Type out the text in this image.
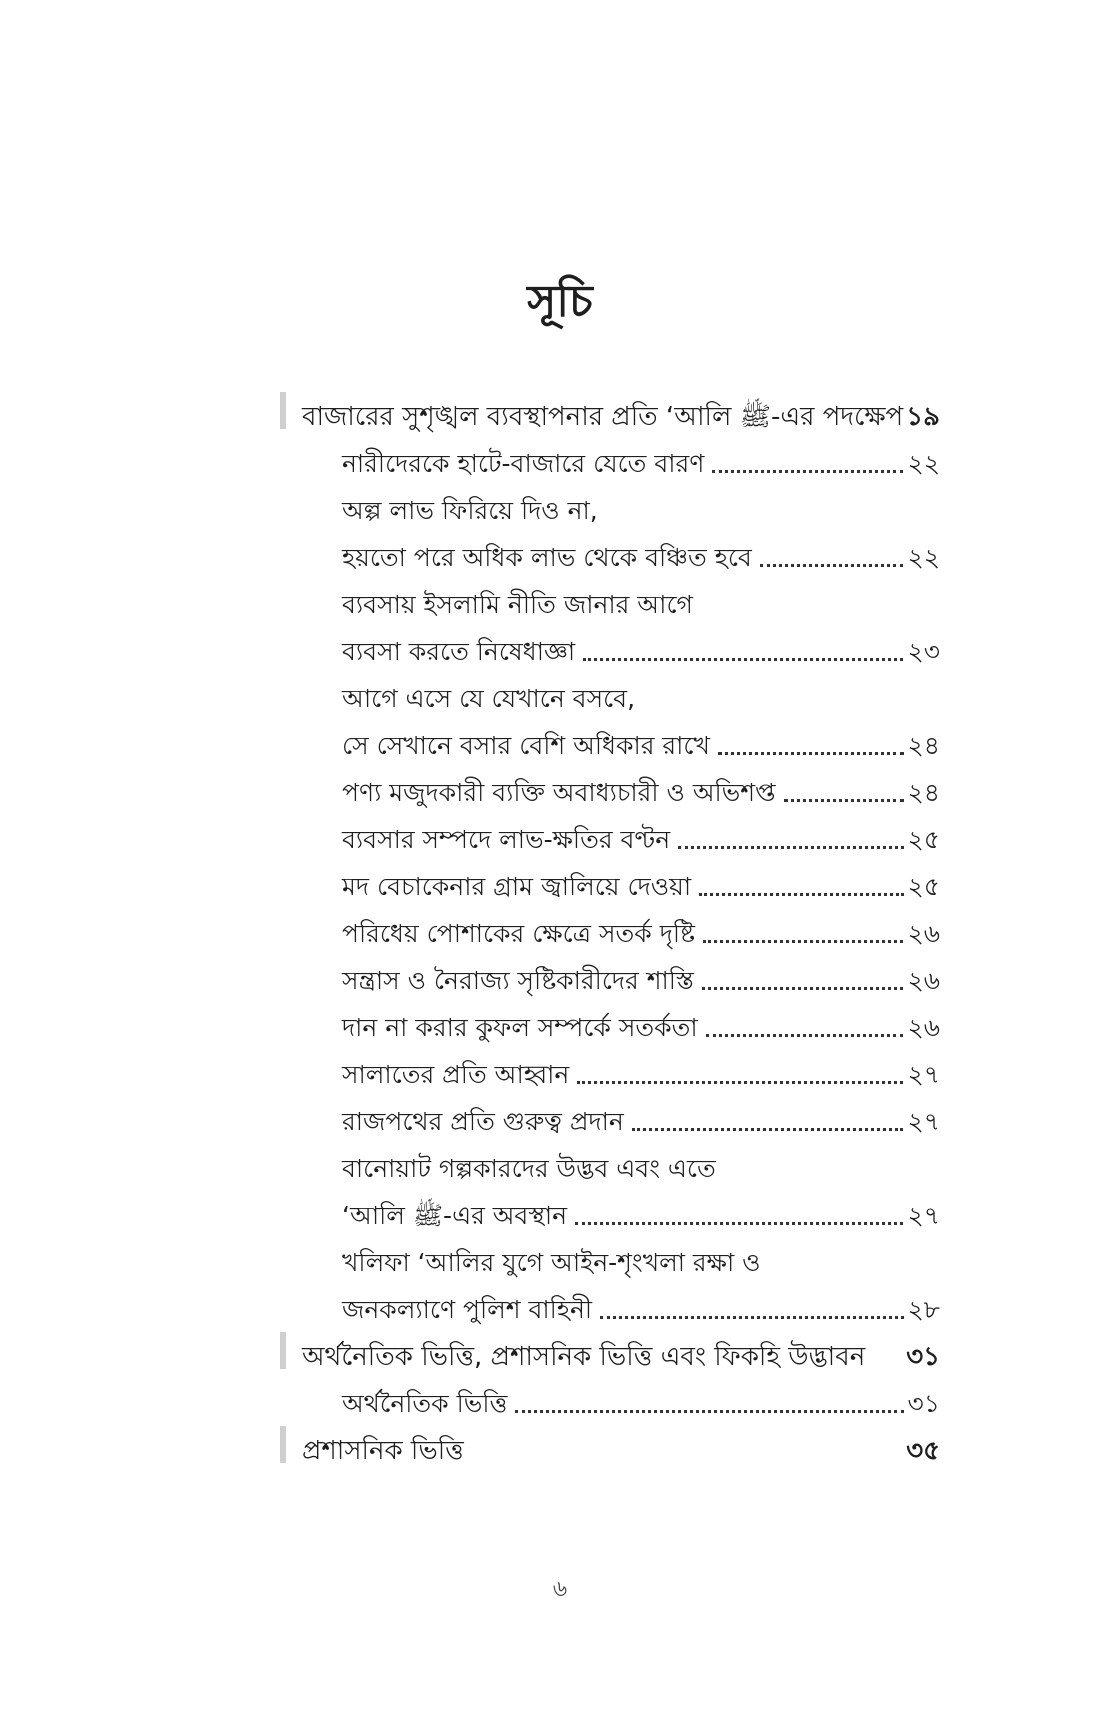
সূচি
বাজারের সুশৃঙ্খল ব্যবস্থাপনার প্রতি ‘আলি ﷺ-এর পদক্ষেপ ১৯
নারীদেরকে হাটে-বাজারে যেতে বারণ	২২
অল্প লাভ ফিরিয়ে দিও না,
হয়তো পরে অধিক লাভ থেকে বঞ্চিত হবে	২২
ব্যবসায় ইসলামি নীতি জানার আগে
ব্যবসা করতে নিষেধাজ্ঞা	২৩
আগে এসে যে যেখানে বসবে,
সে সেখানে বসার বেশি অধিকার রাখে	২৪
পণ্য মজুদকারী ব্যক্তি অবাধ্যচারী ও অভিশপ্ত	২৪
ব্যবসার সম্পদে লাভ-ক্ষতির বণ্টন	২৫
মদ বেচাকেনার গ্রাম জ্বালিয়ে দেওয়া	২৫
পরিধেয় পোশাকের ক্ষেত্রে সতর্ক দৃষ্টি	২৬
সন্ত্রাস ও নৈরাজ্য সৃষ্টিকারীদের শাস্তি	২৬
দান না করার কুফল সম্পর্কে সতর্কতা	২৬
সালাতের প্রতি আহ্বান	২৭
রাজপথের প্রতি গুরুত্ব প্রদান	২৭
বানোয়াট গল্পকারদের উদ্ভব এবং এতে
‘আলি ﷺ-এর অবস্থান	২৭
খলিফা ‘আলির যুগে আইন-শৃংখলা রক্ষা ও
জনকল্যাণে পুলিশ বাহিনী	২৮
অর্থনৈতিক ভিত্তি, প্রশাসনিক ভিত্তি এবং ফিকহি উদ্ভাবন ৩১
অর্থনৈতিক ভিত্তি	৩১
প্রশাসনিক ভিত্তি	৩৫
৬
